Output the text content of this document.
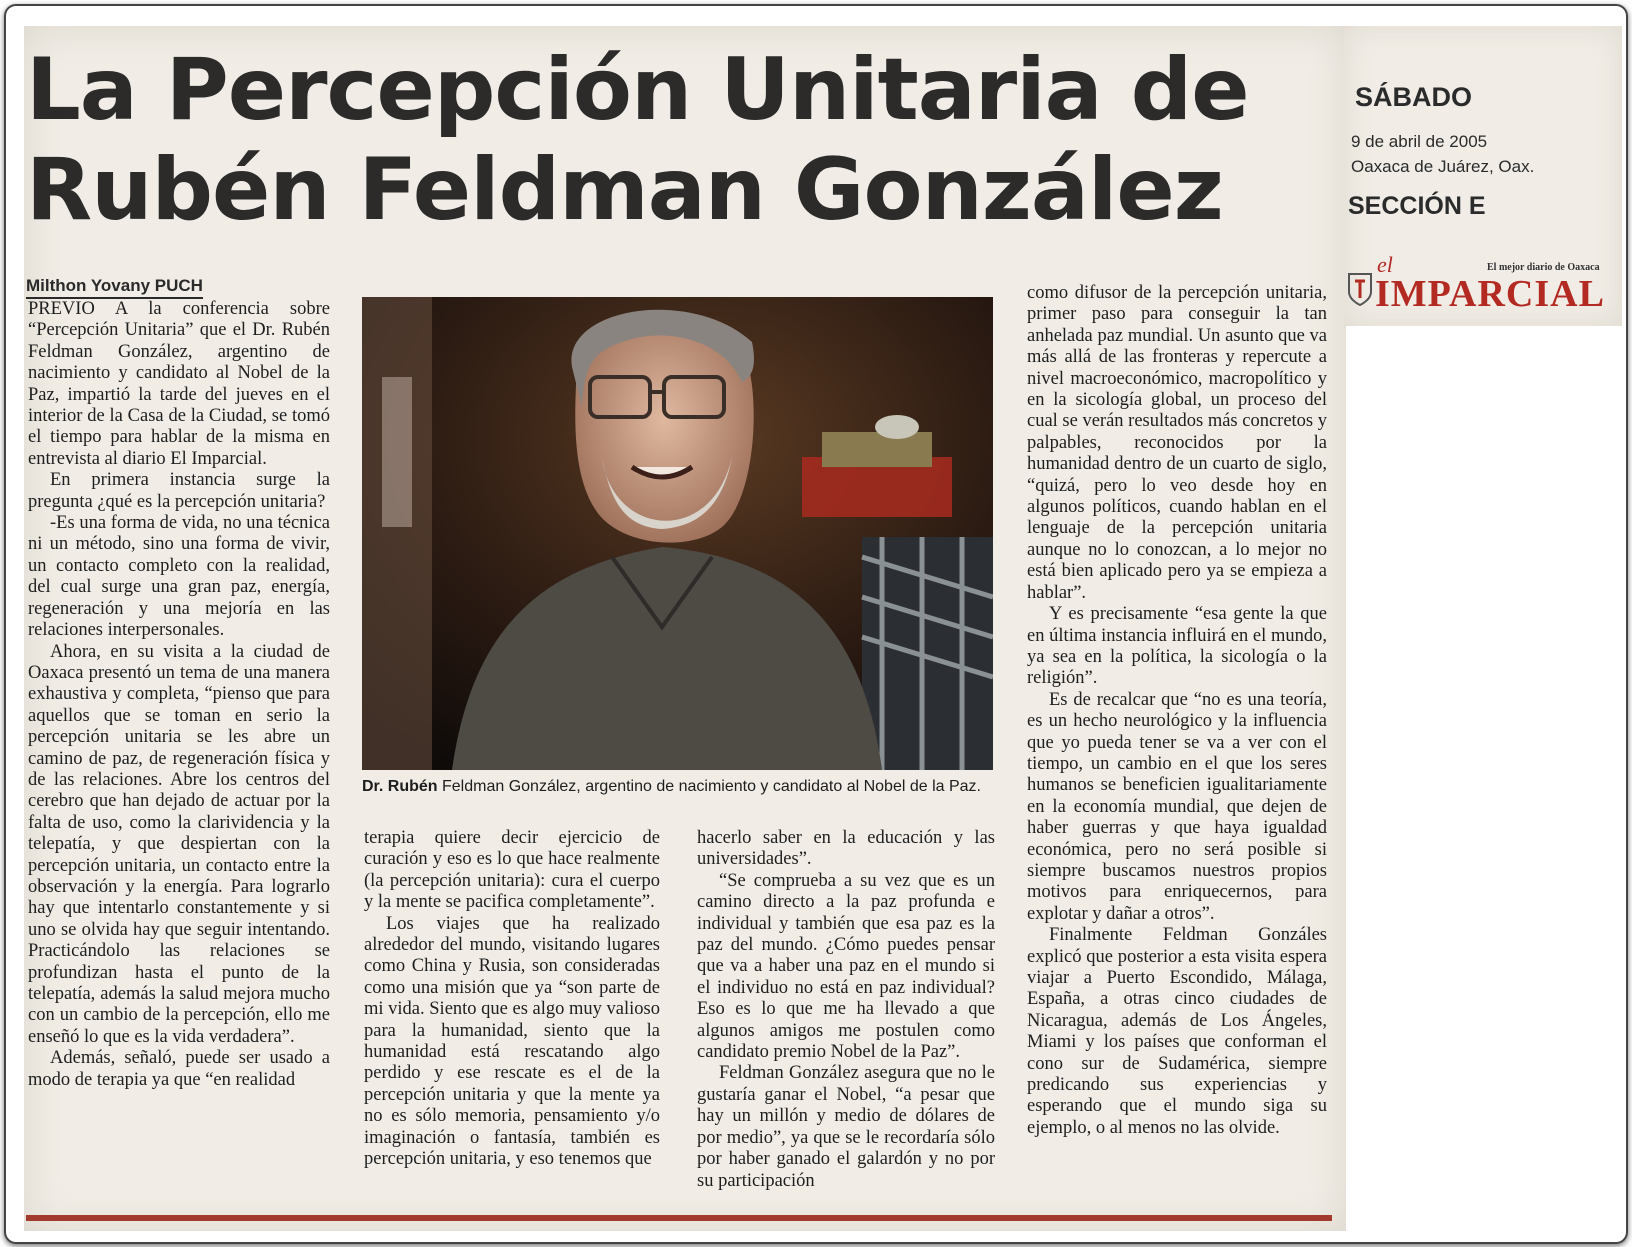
La Percepción Unitaria de
Rubén Feldman González
Milthon Yovany PUCH

PREVIO A la conferencia sobre “Percepción Unitaria” que el Dr. Rubén Feldman González, argentino de nacimiento y candidato al Nobel de la Paz, impartió la tarde del jueves en el interior de la Casa de la Ciudad, se tomó el tiempo para hablar de la misma en entrevista al diario El Imparcial.

En primera instancia surge la pregunta ¿qué es la percepción unitaria?

-Es una forma de vida, no una técnica ni un método, sino una forma de vivir, un contacto completo con la realidad, del cual surge una gran paz, energía, regeneración y una mejoría en las relaciones interpersonales.

Ahora, en su visita a la ciudad de Oaxaca presentó un tema de una manera exhaustiva y completa, “pienso que para aquellos que se toman en serio la percepción unitaria se les abre un camino de paz, de regeneración física y de las relaciones. Abre los centros del cerebro que han dejado de actuar por la falta de uso, como la clarividencia y la telepatía, y que despiertan con la percepción unitaria, un contacto entre la observación y la energía. Para lograrlo hay que intentarlo constantemente y si uno se olvida hay que seguir intentando. Practicándolo las relaciones se profundizan hasta el punto de la telepatía, además la salud mejora mucho con un cambio de la percepción, ello me enseñó lo que es la vida verdadera”.

Además, señaló, puede ser usado a modo de terapia ya que “en realidad

Dr. Rubén Feldman González, argentino de nacimiento y candidato al Nobel de la Paz.

terapia quiere decir ejercicio de curación y eso es lo que hace realmente (la percepción unitaria): cura el cuerpo y la mente se pacifica completamente”.

Los viajes que ha realizado alrededor del mundo, visitando lugares como China y Rusia, son consideradas como una misión que ya “son parte de mi vida. Siento que es algo muy valioso para la humanidad, siento que la humanidad está rescatando algo perdido y ese rescate es el de la percepción unitaria y que la mente ya no es sólo memoria, pensamiento y/o imaginación o fantasía, también es percepción unitaria, y eso tenemos que

hacerlo saber en la educación y las universidades”.

“Se comprueba a su vez que es un camino directo a la paz profunda e individual y también que esa paz es la paz del mundo. ¿Cómo puedes pensar que va a haber una paz en el mundo si el individuo no está en paz individual? Eso es lo que me ha llevado a que algunos amigos me postulen como candidato premio Nobel de la Paz”.

Feldman González asegura que no le gustaría ganar el Nobel, “a pesar que hay un millón y medio de dólares de por medio”, ya que se le recordaría sólo por haber ganado el galardón y no por su participación

como difusor de la percepción unitaria, primer paso para conseguir la tan anhelada paz mundial. Un asunto que va más allá de las fronteras y repercute a nivel macroeconómico, macropolítico y en la sicología global, un proceso del cual se verán resultados más concretos y palpables, reconocidos por la humanidad dentro de un cuarto de siglo, “quizá, pero lo veo desde hoy en algunos políticos, cuando hablan en el lenguaje de la percepción unitaria aunque no lo conozcan, a lo mejor no está bien aplicado pero ya se empieza a hablar”.

Y es precisamente “esa gente la que en última instancia influirá en el mundo, ya sea en la política, la sicología o la religión”.

Es de recalcar que “no es una teoría, es un hecho neurológico y la influencia que yo pueda tener se va a ver con el tiempo, un cambio en el que los seres humanos se beneficien igualitariamente en la economía mundial, que dejen de haber guerras y que haya igualdad económica, pero no será posible si siempre buscamos nuestros propios motivos para enriquecernos, para explotar y dañar a otros”.

Finalmente Feldman Gonzáles explicó que posterior a esta visita espera viajar a Puerto Escondido, Málaga, España, a otras cinco ciudades de Nicaragua, además de Los Ángeles, Miami y los países que conforman el cono sur de Sudamérica, siempre predicando sus experiencias y esperando que el mundo siga su ejemplo, o al menos no las olvide.

SÁBADO
9 de abril de 2005
Oaxaca de Juárez, Oax.
SECCIÓN E
el	El mejor diario de Oaxaca
IMPARCIAL
